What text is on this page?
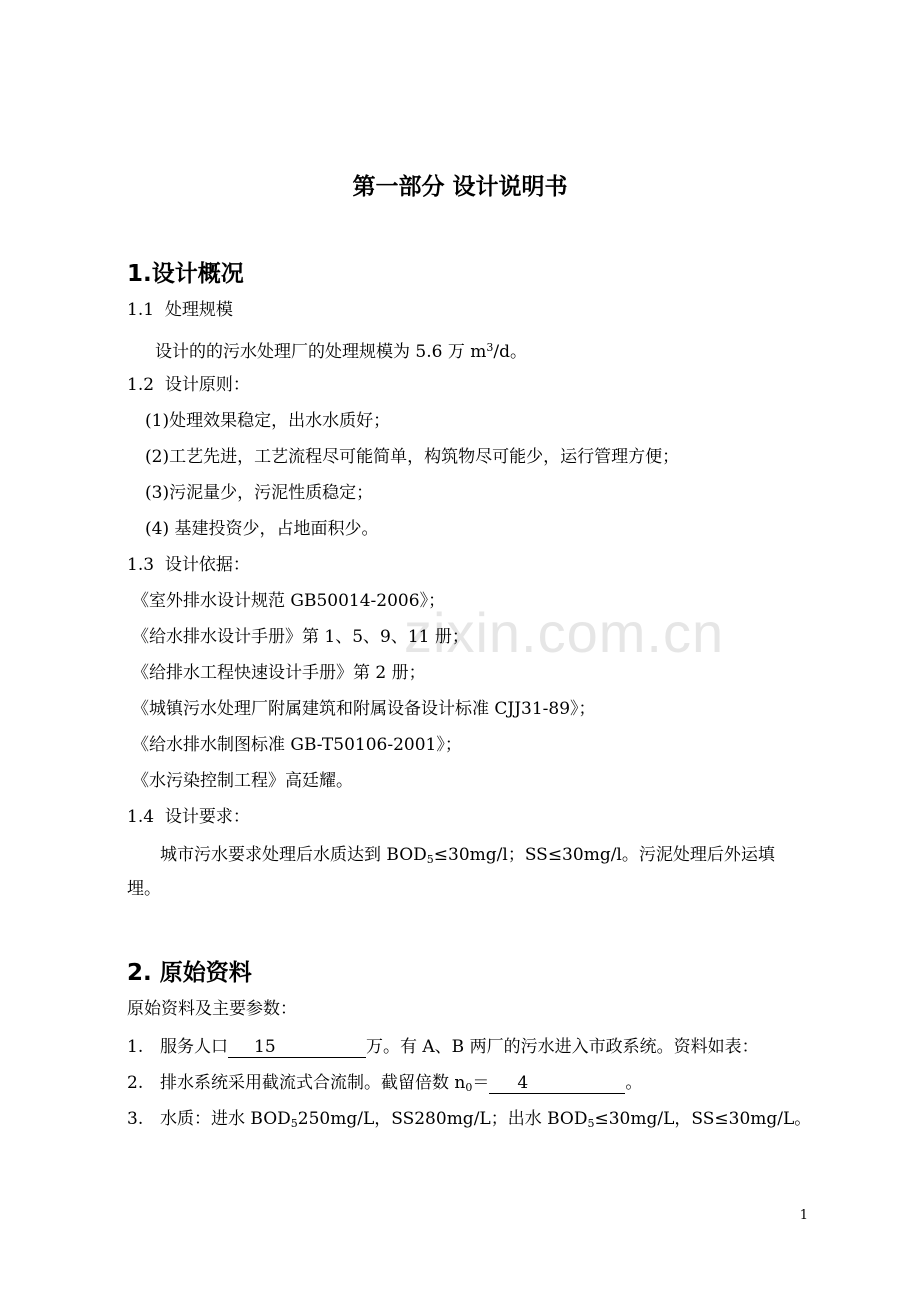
zixin.com.cn
第一部分 设计说明书
1.设计概况
1.1 处理规模
设计的的污水处理厂的处理规模为 5.6 万 $m^3/d$。
1.2 设计原则：
(1)处理效果稳定，出水水质好；
(2)工艺先进，工艺流程尽可能简单，构筑物尽可能少，运行管理方便；
(3)污泥量少，污泥性质稳定；
(4) 基建投资少，占地面积少。
1.3 设计依据：
《室外排水设计规范 GB50014-2006》；
《给水排水设计手册》第 1、5、9、11 册；
《给排水工程快速设计手册》第 2 册；
《城镇污水处理厂附属建筑和附属设备设计标准 CJJ31-89》；
《给水排水制图标准 GB-T50106-2001》；
《水污染控制工程》高廷耀。
1.4 设计要求：
城市污水要求处理后水质达到 $BOD_5\le 30mg/l$；SS≤30mg/l。污泥处理后外运填
埋。
2. 原始资料
原始资料及主要参数：
1. 服务人口 15	万。有 A、B 两厂的污水进入市政系统。资料如表：
2. 排水系统采用截流式合流制。截留倍数 $n_0= 4$	。
3. 水质：进水 $BOD_5250mg/L$，SS280mg/L；出水 $BOD_5\le 30mg/L$，SS≤30mg/L。
1
